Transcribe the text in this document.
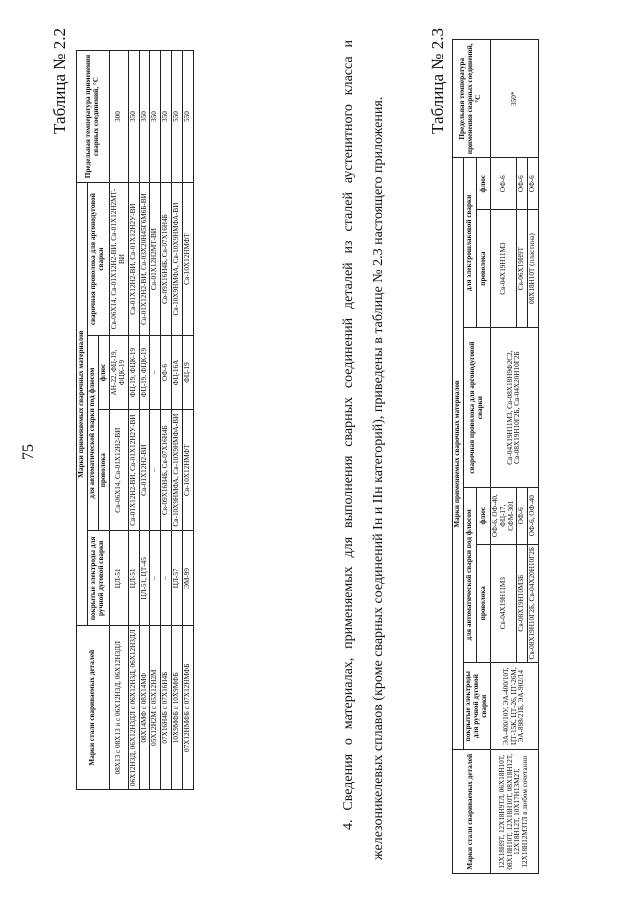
75
Таблица № 2.2
Марки стали свариваемых деталей	Марки применяемых сварочных материалов				Предельная температура применения сварных соединений, °С
	покрытые электроды для ручной дуговой сварки	для автоматической сварки под флюсом		сварочная проволока для аргонодуговой сварки	
		проволока	флюс		
08Х13 с 08Х13 и с 06Х12Н3Д, 06Х12Н3ДЛ	ЦЛ-51	Св-06Х14, Св-01Х12Н2-ВИ	АН-22, ФЦ-19, ФЦК-19	Св-06Х14, Св-01Х12Н2-ВИ, Св-01Х12Н2МТ-ВИ	300
06Х12Н3Д, 06Х12Н3ДЛ с 06Х12Н3Д, 06Х12Н3ДЛ	ЦЛ-51	Св-01Х12Н2-ВИ, Св-01Х12Н2У-ВИ	ФЦ-19, ФЦК-19	Св-01Х12Н2-ВИ, Св-01Х12Н2У-ВИ	350
08Х14МФ с 08Х14МФ	ЦЛ-51, ЦТ-45	Св-01Х12Н2-ВИ	ФЦ-19, ФЦК-19	Св-01Х12Н2-ВИ, Св-03Х20Н45Г6М6Б-ВИ	350
05Х12Н2М с 05Х12Н2М	–	–	–	Св-01Х12Н2МТ-ВИ	350
07Х16Н4Б с 07Х16Н4Б	–	Св-09Х16Н4Б, Св-07Х16Н4Б	ОФ-6	Св-09Х16Н4Б, Св-07Х16Н4Б	350
10Х9МФБ с 10Х9МФБ	ЦЛ-57	Св-10Х9НМФА, Св-10Х9НМФА-ВИ	ФЦ-16А	Св-10Х9НМФА, Св-10Х9НМФА-ВИ	550
07Х12НМФБ с 07Х12НМФБ	ЭМ-99	Св-10Х12НМФТ	ФЦ-19	Св-10Х12НМФТ	550	4. Сведения о материалах, применяемых для выполнения сварных соединений деталей из сталей аустенитного класса и железоникелевых сплавов (кроме сварных соединений Iн и IIн категорий), приведены в таблице № 2.3 настоящего приложения.
Таблица № 2.3
Марки стали свариваемых деталей	Марки применяемых сварочных материалов						Предельная температура применения сварных соединений, °С
	покрытые электроды для ручной дуговой сварки	для автоматической сварки под флюсом		сварочная проволока для аргонодуговой сварки	для электрошлаковой сварки		
		проволока	флюс		проволока	флюс	
12Х18Н9Т, 12Х18Н9ТЛ, 06Х18Н10Т, 08Х18Н10Т, 12Х18Н10Т, 08Х18Н12Т, 12Х18Н12Т, 10Х17Н13М2Т, 12Х18Н12М3ТЛ в любом сочетании	ЭА-400/10У, ЭА-400/10Т, ЦТ-15К, ЦТ-26, ЦТ-26М, ЭА-898/21Б, ЭА-902/14	Св-04Х19Н11М3	ОФ-6, ОФ-40, ФЦ-17, СФМ-301	Св-04Х19Н11М3, Св-08Х18Н9Ф2С2, Св-08Х19Н10Г2Б, Св-04Х20Н10Г2Б	Св-04Х19Н11М3	ОФ-6	350*
		Св-08Х19Н10М3Б	ОФ-6		Св-06Х19Н9Т	ОФ-6	
		Св-08Х19Н10Г2Б, Св-04Х20Н10Г2Б	ОФ-6, ОФ-40		08Х18Н10Т (пластина)	ОФ-6	
